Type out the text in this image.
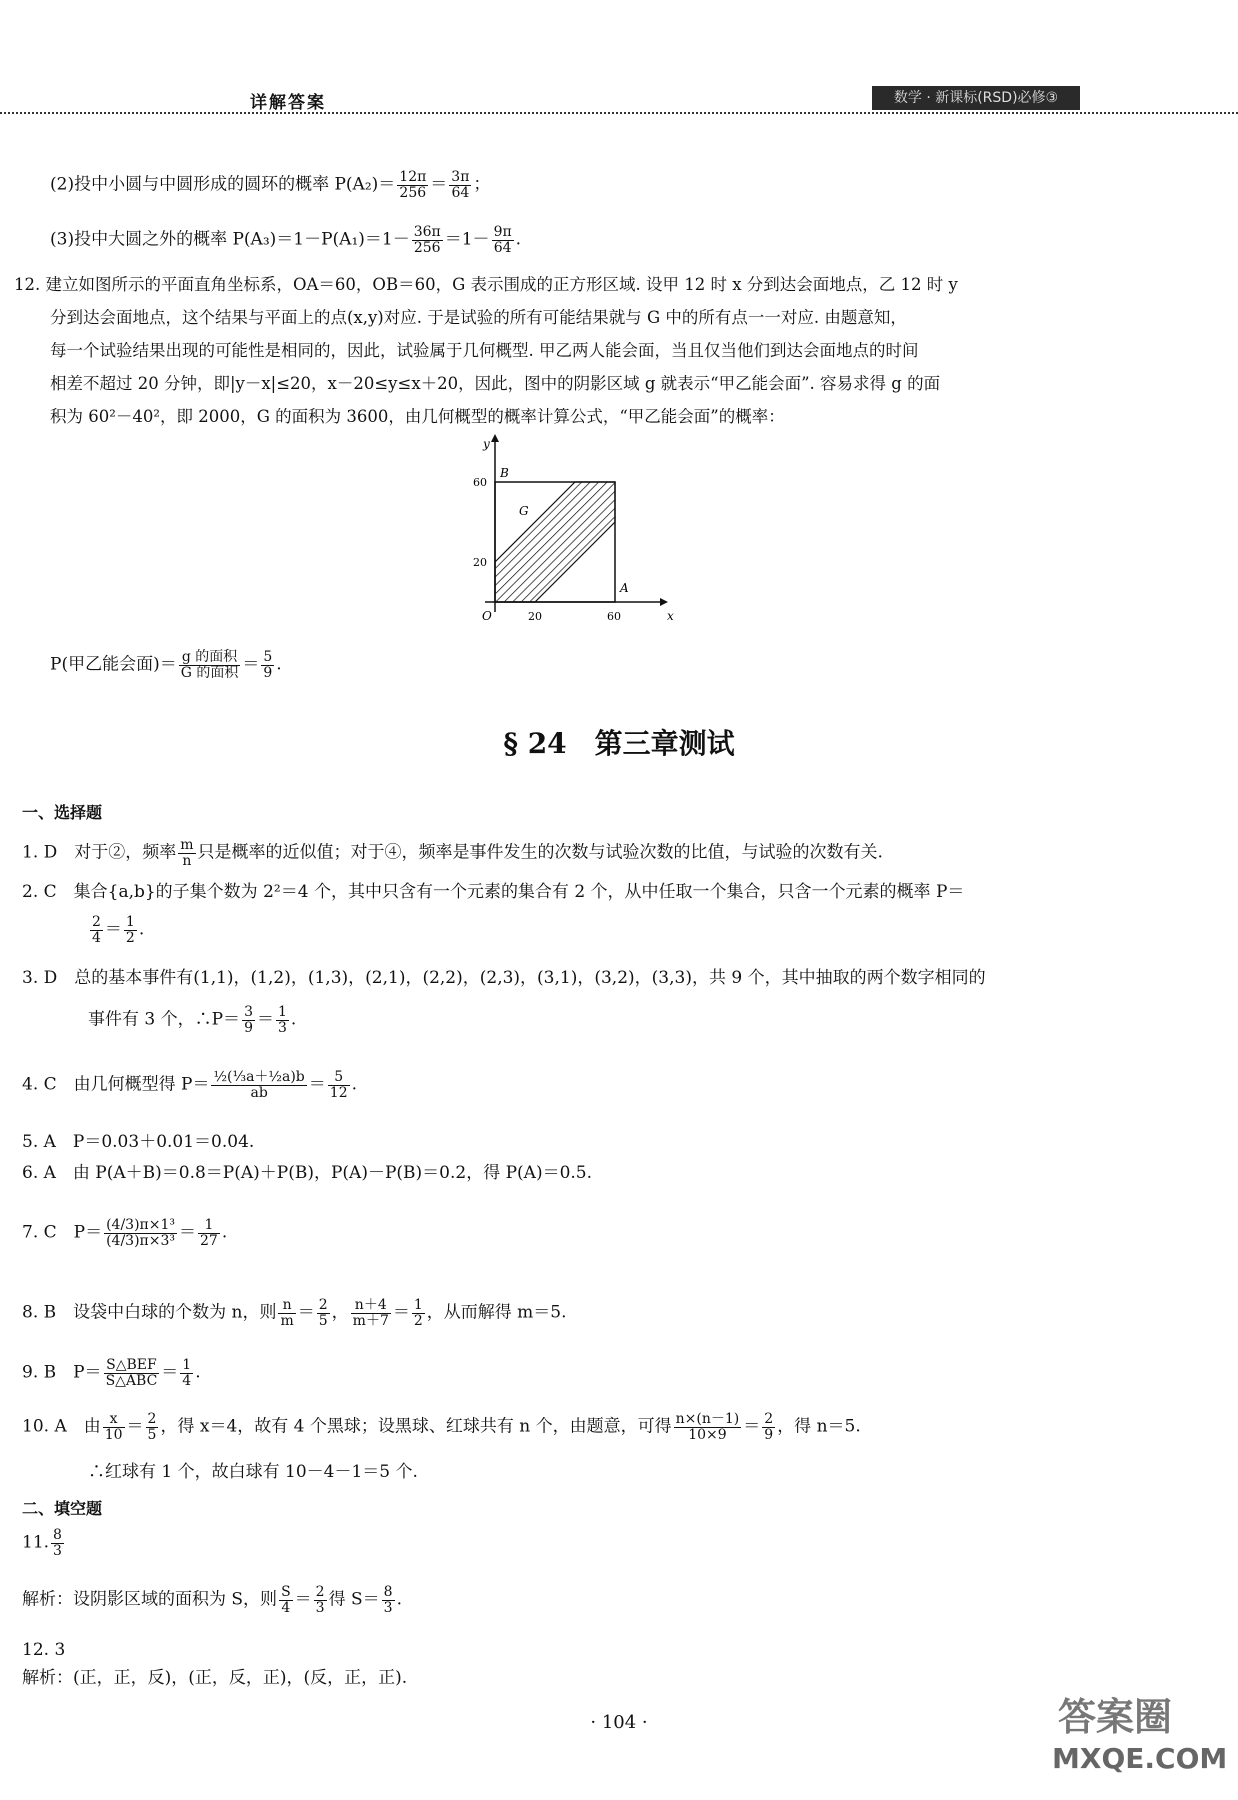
详解答案	数学 · 新课标(RSD)必修③
(2)投中小圆与中圆形成的圆环的概率 $P(A_2)= \frac{12\pi}{256} = \frac{3\pi}{64}$ ；
(3)投中大圆之外的概率 $P(A_3)=1-P(A_1)=1- \frac{36\pi}{256} =1- \frac{9\pi}{64}$ .
12. 建立如图所示的平面直角坐标系，OA＝60，OB＝60，G 表示围成的正方形区域. 设甲 12 时 x 分到达会面地点，乙 12 时 y
分到达会面地点，这个结果与平面上的点(x,y)对应. 于是试验的所有可能结果就与 G 中的所有点一一对应. 由题意知，
每一个试验结果出现的可能性是相同的，因此，试验属于几何概型. 甲乙两人能会面，当且仅当他们到达会面地点的时间
相差不超过 20 分钟，即|y－x|≤20，x－20≤y≤x＋20，因此，图中的阴影区域 g 就表示“甲乙能会面”. 容易求得 g 的面
积为 60²－40²，即 2000，G 的面积为 3600，由几何概型的概率计算公式，“甲乙能会面”的概率：
y
x
O
A
B
G
60
20
20	60
P(甲乙能会面)＝ $\frac{\text{g 的面积}}{\text{G 的面积}} = \frac{5}{9}$ .
§ 24　第三章测试
一、选择题
1. D　对于②，频率 $\frac{m}{n}$ 只是概率的近似值；对于④，频率是事件发生的次数与试验次数的比值，与试验的次数有关.
2. C　集合{a,b}的子集个数为 2²＝4 个，其中只含有一个元素的集合有 2 个，从中任取一个集合，只含一个元素的概率 P＝
$\frac{2}{4} = \frac{1}{2}$ .
3. D　总的基本事件有(1,1)，(1,2)，(1,3)，(2,1)，(2,2)，(2,3)，(3,1)，(3,2)，(3,3)，共 9 个，其中抽取的两个数字相同的
事件有 3 个，∴P＝ $\frac{3}{9} = \frac{1}{3}$ .
4. C　由几何概型得 $P= \frac{\text{½(⅓a＋½a)b}}{ab} = \frac{5}{12}$ .
5. A　P＝0.03＋0.01＝0.04.
6. A　由 P(A＋B)＝0.8＝P(A)＋P(B)，P(A)－P(B)＝0.2，得 P(A)＝0.5.
7. C　$P= \frac{\text{(4/3)π×1³}}{\text{(4/3)π×3³}} = \frac{1}{27}$ .
8. B　设袋中白球的个数为 n，则 $\frac{n}{m} = \frac{2}{5}$ ， $\frac{n+4}{m+7} = \frac{1}{2}$ ，从而解得 m＝5.
9. B　$P= \frac{\text{S△BEF}}{\text{S△ABC}} = \frac{1}{4}$ .
10. A　由 $\frac{x}{10} = \frac{2}{5}$ ，得 x＝4，故有 4 个黑球；设黑球、红球共有 n 个，由题意，可得 $\frac{n\times(n-1)}{10\times 9} = \frac{2}{9}$ ，得 n＝5.
∴红球有 1 个，故白球有 10－4－1＝5 个.
二、填空题
11. $\frac{8}{3}$
解析：设阴影区域的面积为 S，则 $\frac{S}{4} = \frac{2}{3}$ 得 $S= \frac{8}{3}$ .
12. 3
解析：(正，正，反)，(正，反，正)，(反，正，正).
· 104 ·	答案圈
MXQE.COM
